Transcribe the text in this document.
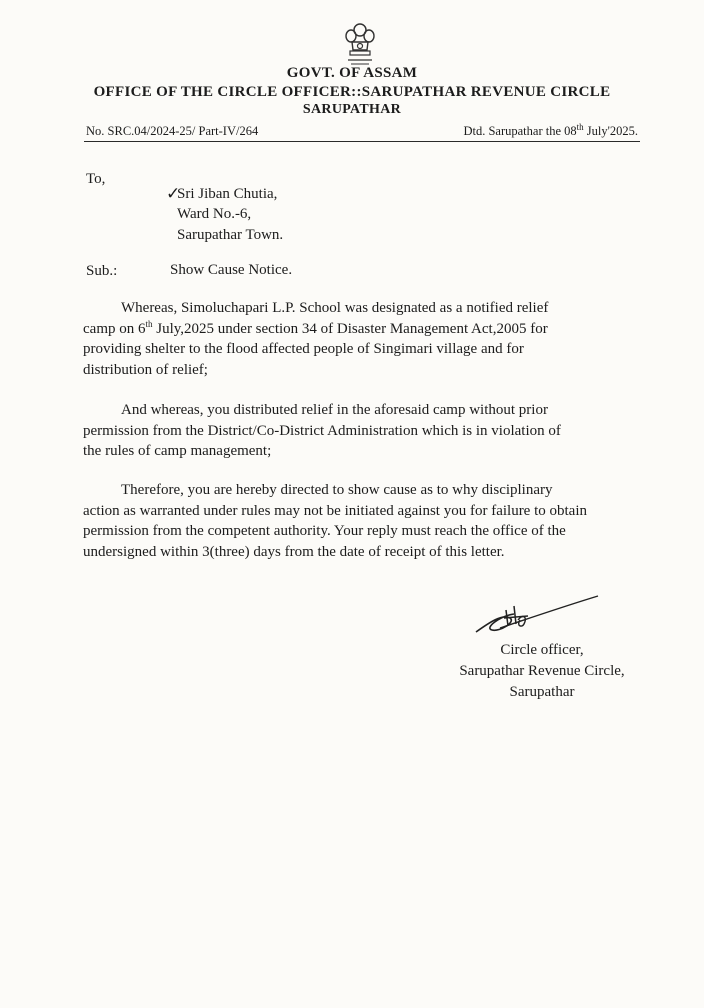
GOVT. OF ASSAM
OFFICE OF THE CIRCLE OFFICER::SARUPATHAR REVENUE CIRCLE
SARUPATHAR
No. SRC.04/2024-25/ Part-IV/264	Dtd. Sarupathar the 08th July'2025.
To,
✓
Sri Jiban Chutia,
Ward No.-6,
Sarupathar Town.
Sub.:	Show Cause Notice.
Whereas, Simoluchapari L.P. School was designated as a notified relief
camp on 6th July,2025 under section 34 of Disaster Management Act,2005 for
providing shelter to the flood affected people of Singimari village and for
distribution of relief;
And whereas, you distributed relief in the aforesaid camp without prior
permission from the District/Co-District Administration which is in violation of
the rules of camp management;
Therefore, you are hereby directed to show cause as to why disciplinary
action as warranted under rules may not be initiated against you for failure to obtain
permission from the competent authority. Your reply must reach the office of the
undersigned within 3(three) days from the date of receipt of this letter.
Circle officer,
Sarupathar Revenue Circle,
Sarupathar
